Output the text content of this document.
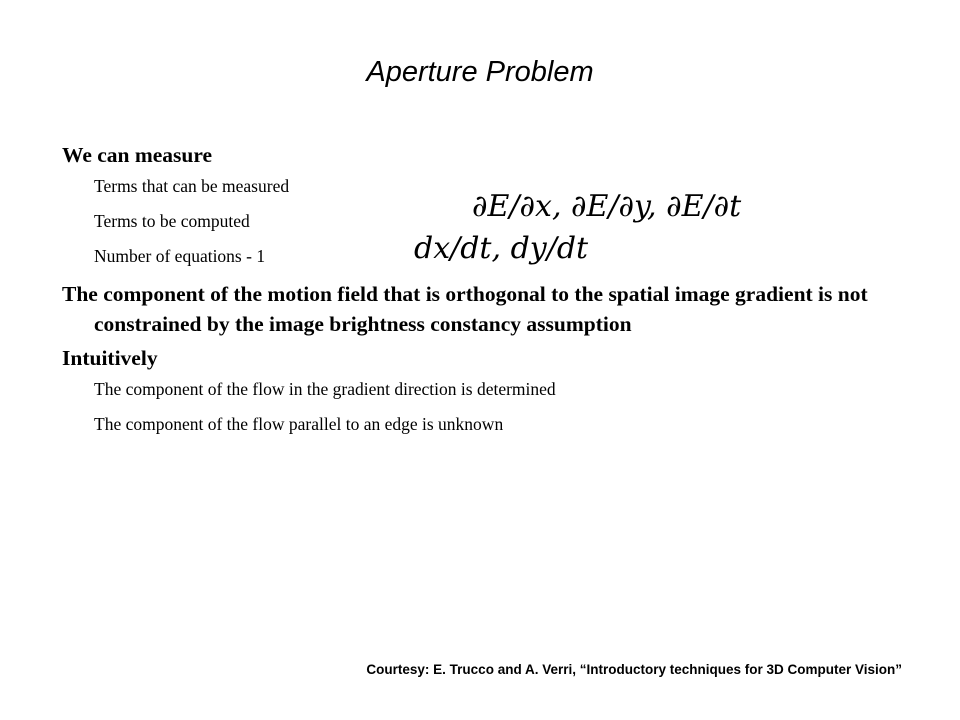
Aperture Problem

We can measure

Terms that can be measured

Terms to be computed

Number of equations - 1

The component of the motion field that is orthogonal to the spatial image gradient is not constrained by the image brightness constancy assumption

Intuitively

The component of the flow in the gradient direction is determined

The component of the flow parallel to an edge is unknown

∂E/∂x, ∂E/∂y, ∂E/∂t
dx/dt, dy/dt
Courtesy: E. Trucco and A. Verri, “Introductory techniques for 3D Computer Vision”
